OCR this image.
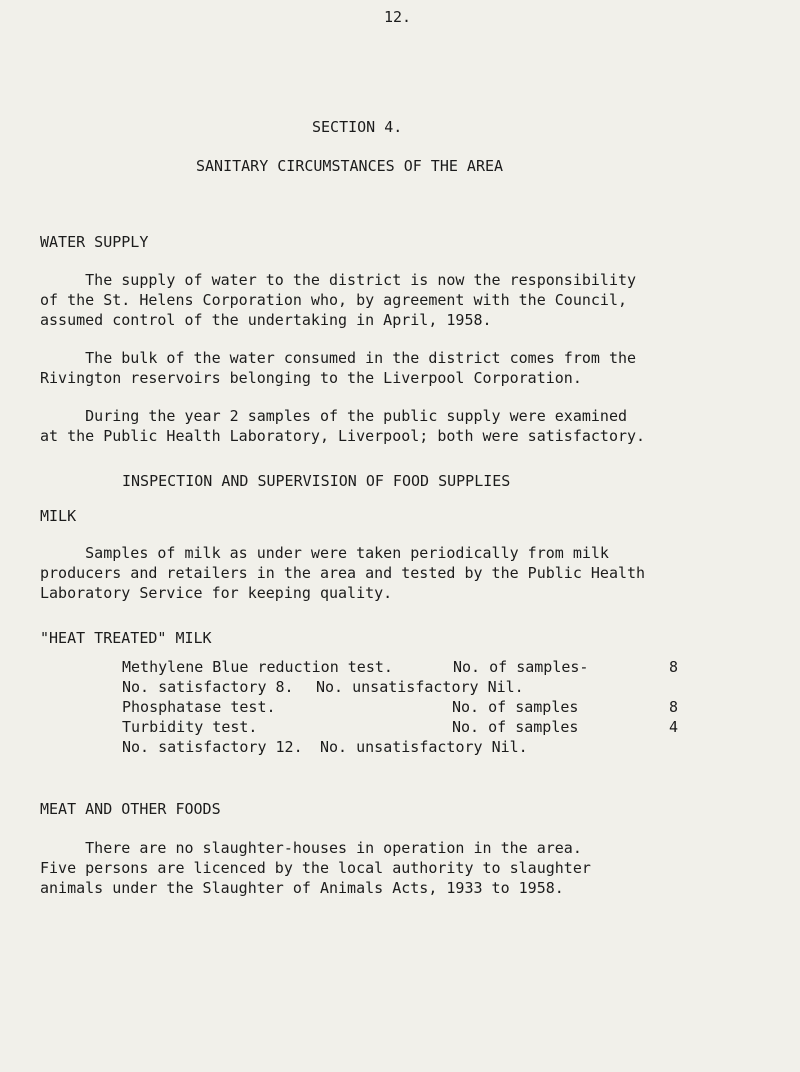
12.
SECTION 4.
SANITARY CIRCUMSTANCES OF THE AREA
WATER SUPPLY

The supply of water to the district is now the responsibility

of the St. Helens Corporation who, by agreement with the Council,

assumed control of the undertaking in April, 1958.

The bulk of the water consumed in the district comes from the

Rivington reservoirs belonging to the Liverpool Corporation.

During the year 2 samples of the public supply were examined

at the Public Health Laboratory, Liverpool; both were satisfactory.

INSPECTION AND SUPERVISION OF FOOD SUPPLIES
MILK

Samples of milk as under were taken periodically from milk

producers and retailers in the area and tested by the Public Health

Laboratory Service for keeping quality.

"HEAT TREATED" MILK
Methylene Blue reduction test.	No. of samples-	8
No. satisfactory 8. No. unsatisfactory Nil.
Phosphatase test.	No. of samples	8
Turbidity test.	No. of samples	4
No. satisfactory 12. No. unsatisfactory Nil.
MEAT AND OTHER FOODS

There are no slaughter-houses in operation in the area.

Five persons are licenced by the local authority to slaughter

animals under the Slaughter of Animals Acts, 1933 to 1958.
